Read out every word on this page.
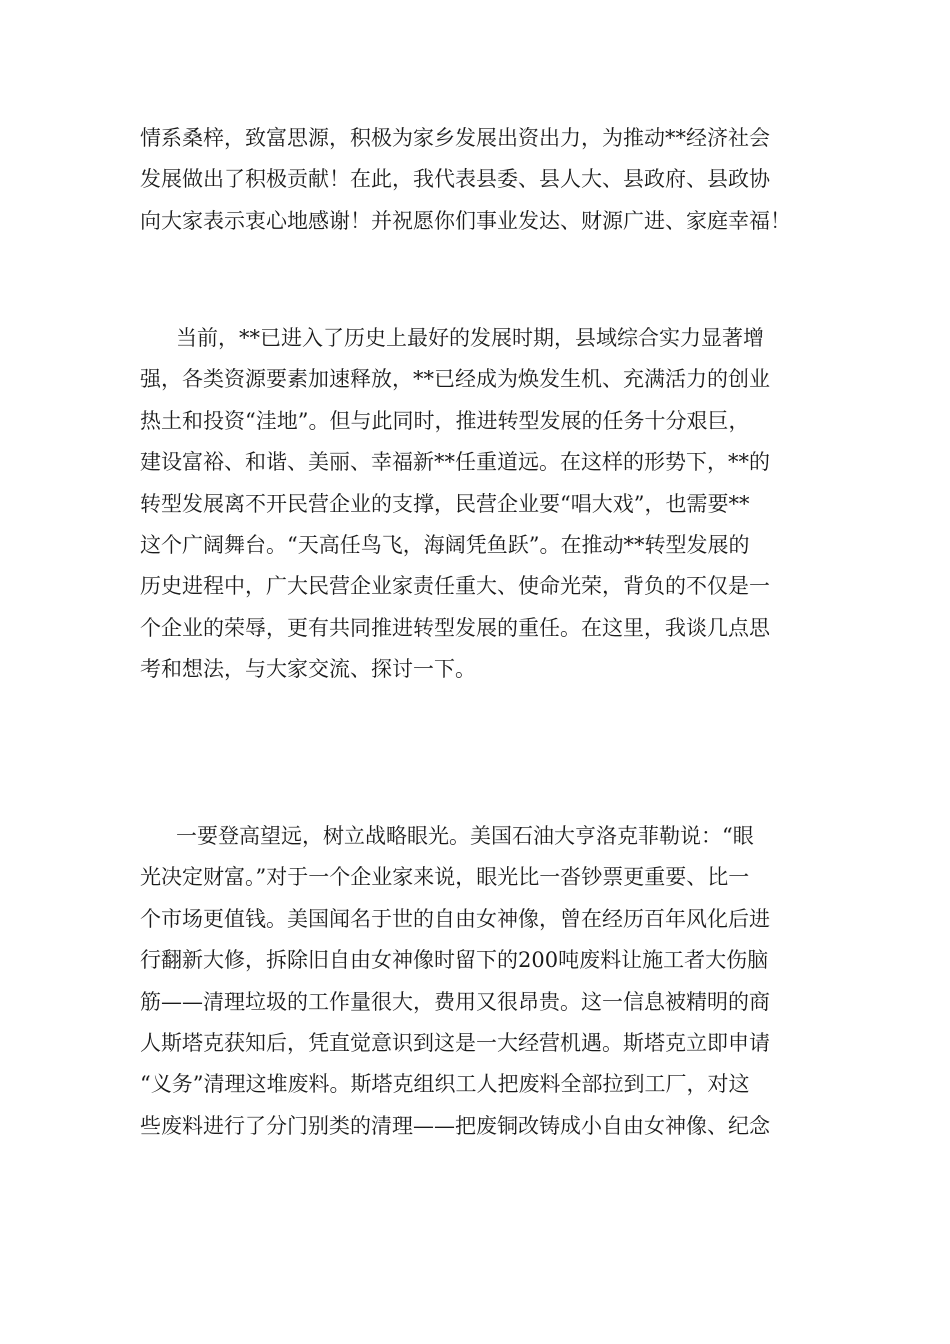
情系桑梓，致富思源，积极为家乡发展出资出力，为推动**经济社会
发展做出了积极贡献！在此，我代表县委、县人大、县政府、县政协
向大家表示衷心地感谢！并祝愿你们事业发达、财源广进、家庭幸福！
当前，**已进入了历史上最好的发展时期，县域综合实力显著增
强，各类资源要素加速释放，**已经成为焕发生机、充满活力的创业
热土和投资“洼地”。但与此同时，推进转型发展的任务十分艰巨，
建设富裕、和谐、美丽、幸福新**任重道远。在这样的形势下，**的
转型发展离不开民营企业的支撑，民营企业要“唱大戏”，也需要**
这个广阔舞台。“天高任鸟飞，海阔凭鱼跃”。在推动**转型发展的
历史进程中，广大民营企业家责任重大、使命光荣，背负的不仅是一
个企业的荣辱，更有共同推进转型发展的重任。在这里，我谈几点思
考和想法，与大家交流、探讨一下。
一要登高望远，树立战略眼光。美国石油大亨洛克菲勒说：“眼
光决定财富。”对于一个企业家来说，眼光比一沓钞票更重要、比一
个市场更值钱。美国闻名于世的自由女神像，曾在经历百年风化后进
行翻新大修，拆除旧自由女神像时留下的200吨废料让施工者大伤脑
筋——清理垃圾的工作量很大，费用又很昂贵。这一信息被精明的商
人斯塔克获知后，凭直觉意识到这是一大经营机遇。斯塔克立即申请
“义务”清理这堆废料。斯塔克组织工人把废料全部拉到工厂，对这
些废料进行了分门别类的清理——把废铜改铸成小自由女神像、纪念
